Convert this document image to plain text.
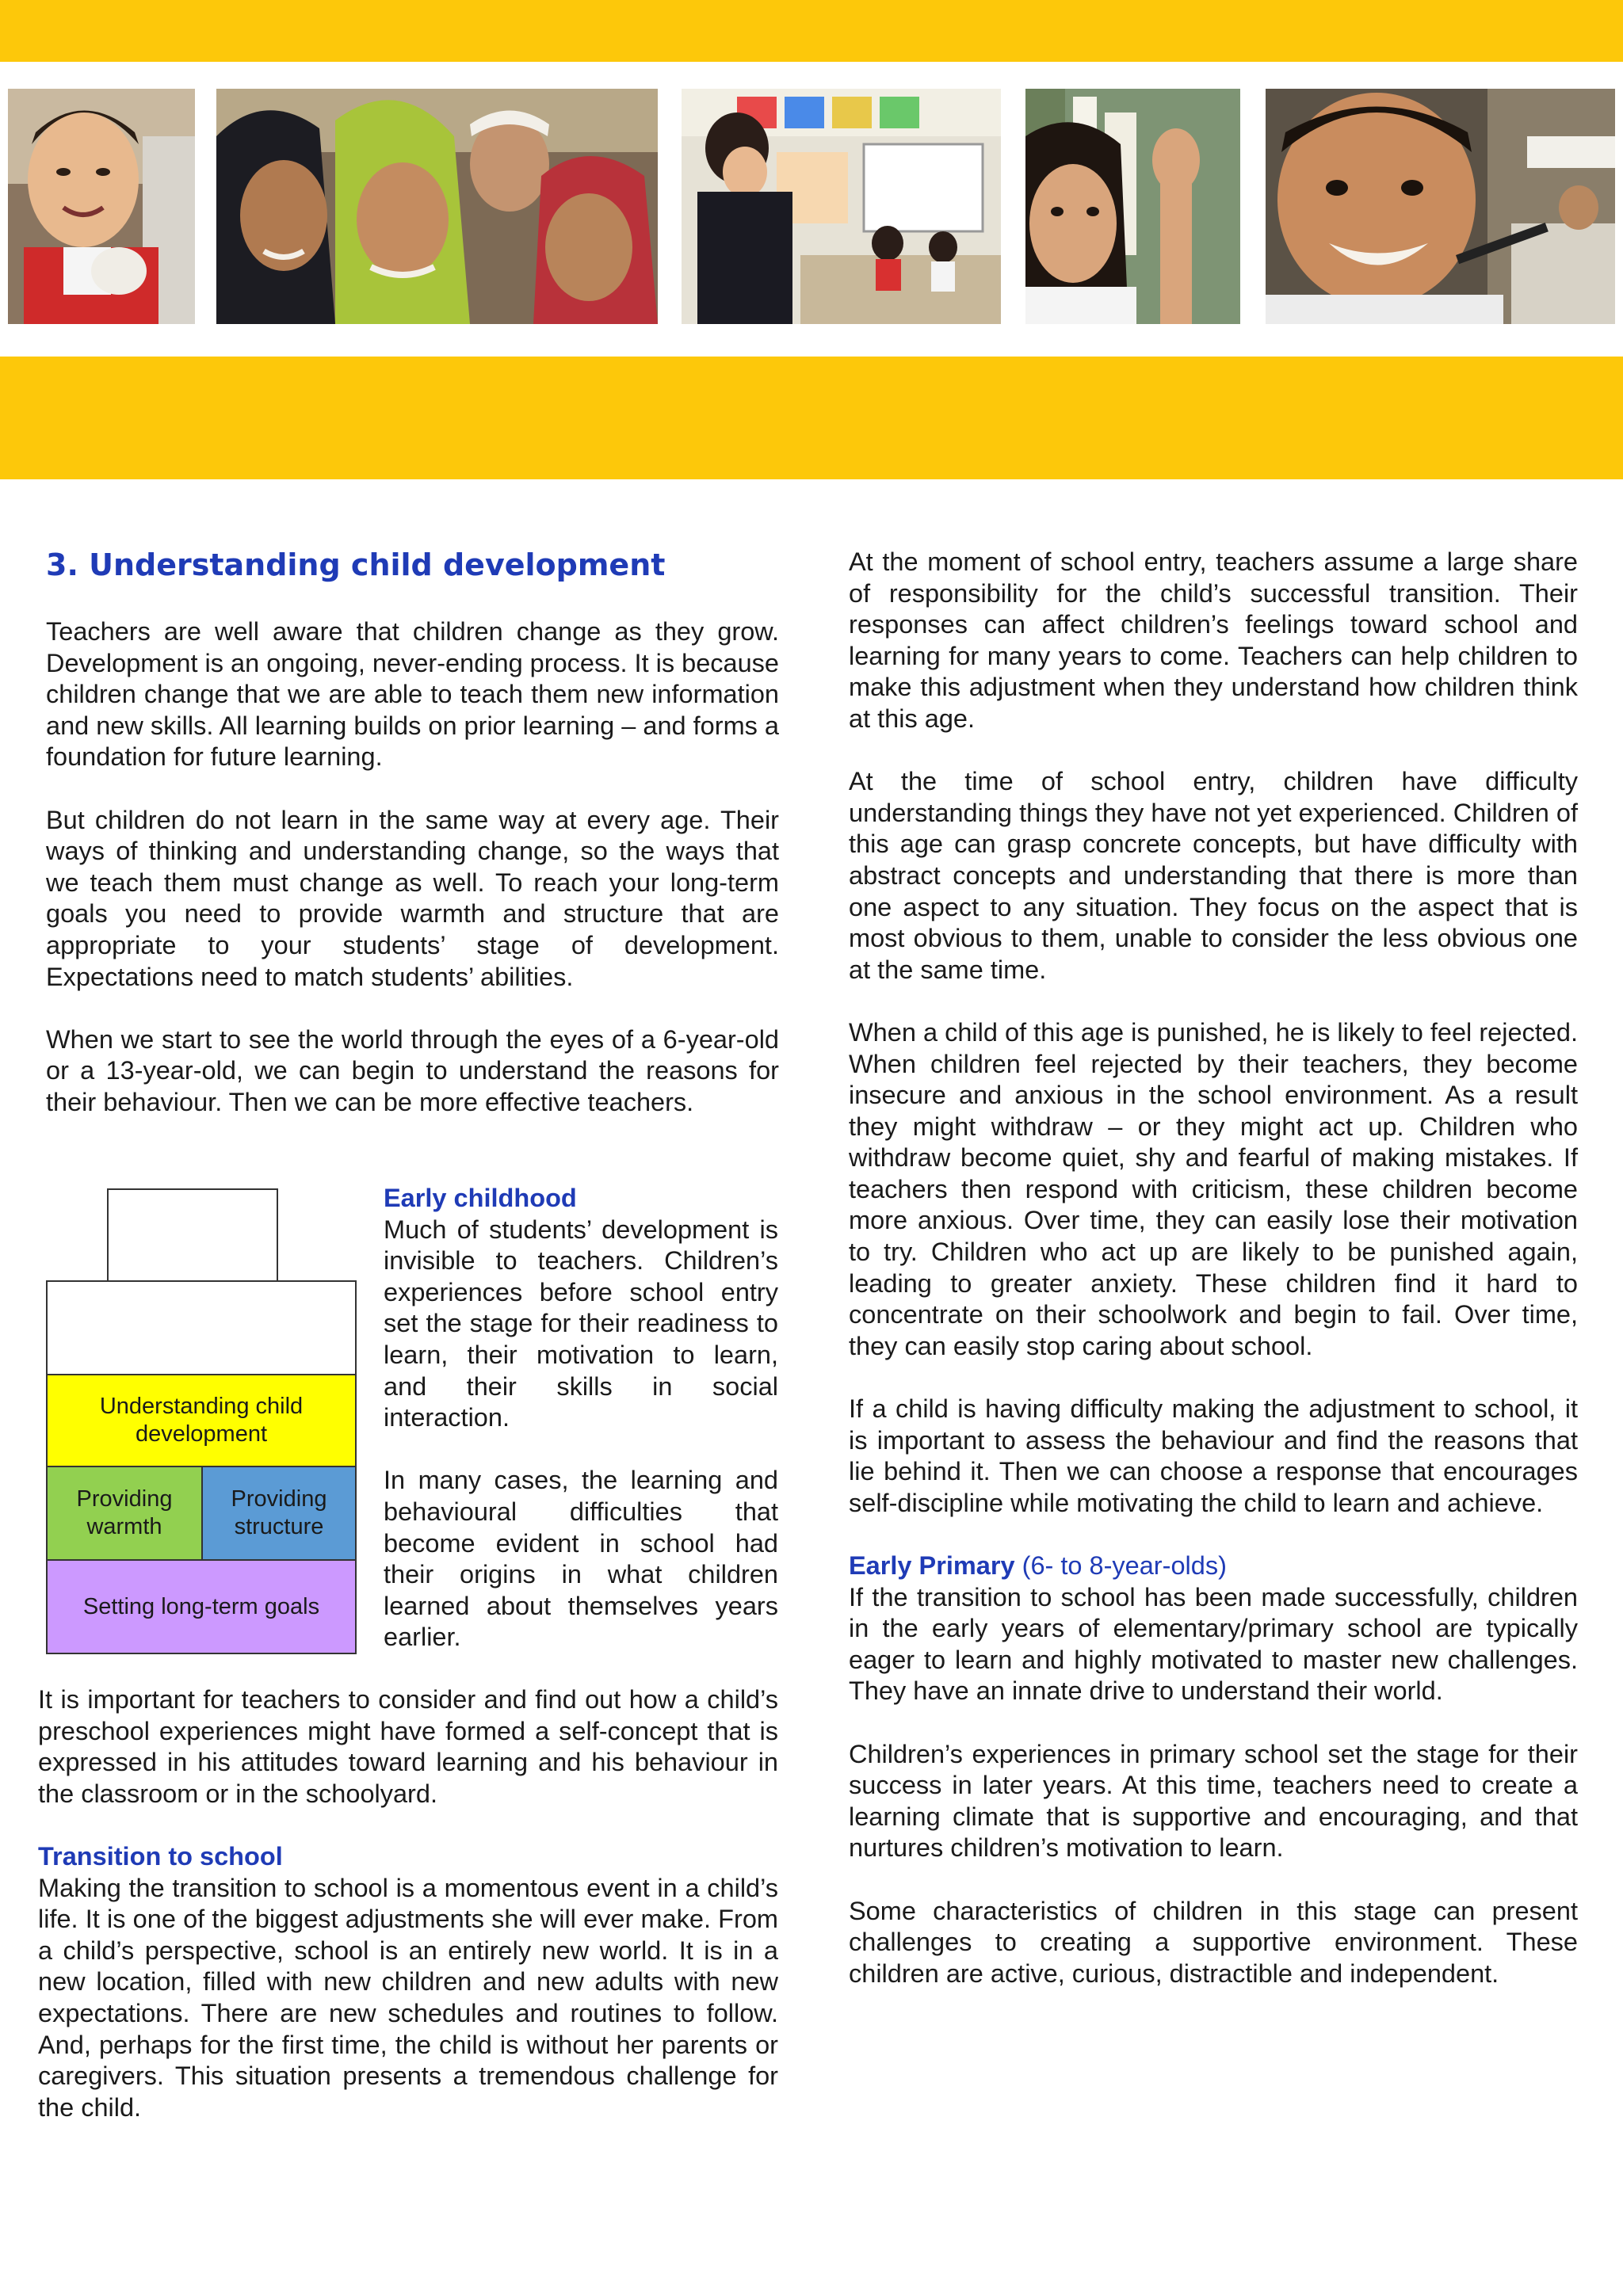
3. Understanding child development

Teachers are well aware that children change as they grow. Development is an ongoing, never-ending process. It is because children change that we are able to teach them new information and new skills. All learning builds on prior learning – and forms a foundation for future learning.

But children do not learn in the same way at every age. Their ways of thinking and understanding change, so the ways that we teach them must change as well. To reach your long-term goals you need to provide warmth and structure that are appropriate to your students’ stage of development. Expectations need to match students’ abilities.

When we start to see the world through the eyes of a 6-year-old or a 13-year-old, we can begin to understand the reasons for their behaviour. Then we can be more effective teachers.

Understanding child development
Providing warmth
Providing structure
Setting long-term goals
Early childhood

Much of students’ development is invisible to teachers. Children’s experiences before school entry set the stage for their readiness to learn, their motivation to learn, and their skills in social interaction.

In many cases, the learning and behavioural difficulties that become evident in school had their origins in what children learned about themselves years earlier.

It is important for teachers to consider and find out how a child’s preschool experiences might have formed a self-concept that is expressed in his attitudes toward learning and his behaviour in the classroom or in the schoolyard.

Transition to school

Making the transition to school is a momentous event in a child’s life. It is one of the biggest adjustments she will ever make. From a child’s perspective, school is an entirely new world. It is in a new location, filled with new children and new adults with new expectations. There are new schedules and routines to follow. And, perhaps for the first time, the child is without her parents or caregivers. This situation presents a tremendous challenge for the child.

At the moment of school entry, teachers assume a large share of responsibility for the child’s successful transition. Their responses can affect children’s feelings toward school and learning for many years to come. Teachers can help children to make this adjustment when they understand how children think at this age.

At the time of school entry, children have difficulty understanding things they have not yet experienced. Children of this age can grasp concrete concepts, but have difficulty with abstract concepts and understanding that there is more than one aspect to any situation. They focus on the aspect that is most obvious to them, unable to consider the less obvious one at the same time.

When a child of this age is punished, he is likely to feel rejected. When children feel rejected by their teachers, they become insecure and anxious in the school environment. As a result they might withdraw – or they might act up. Children who withdraw become quiet, shy and fearful of making mistakes. If teachers then respond with criticism, these children become more anxious. Over time, they can easily lose their motivation to try. Children who act up are likely to be punished again, leading to greater anxiety. These children find it hard to concentrate on their schoolwork and begin to fail. Over time, they can easily stop caring about school.

If a child is having difficulty making the adjustment to school, it is important to assess the behaviour and find the reasons that lie behind it. Then we can choose a response that encourages self-discipline while motivating the child to learn and achieve.

Early Primary (6- to 8-year-olds)

If the transition to school has been made successfully, children in the early years of elementary/primary school are typically eager to learn and highly motivated to master new challenges. They have an innate drive to understand their world.

Children’s experiences in primary school set the stage for their success in later years. At this time, teachers need to create a learning climate that is supportive and encouraging, and that nurtures children’s motivation to learn.

Some characteristics of children in this stage can present challenges to creating a supportive environment. These children are active, curious, distractible and independent.
